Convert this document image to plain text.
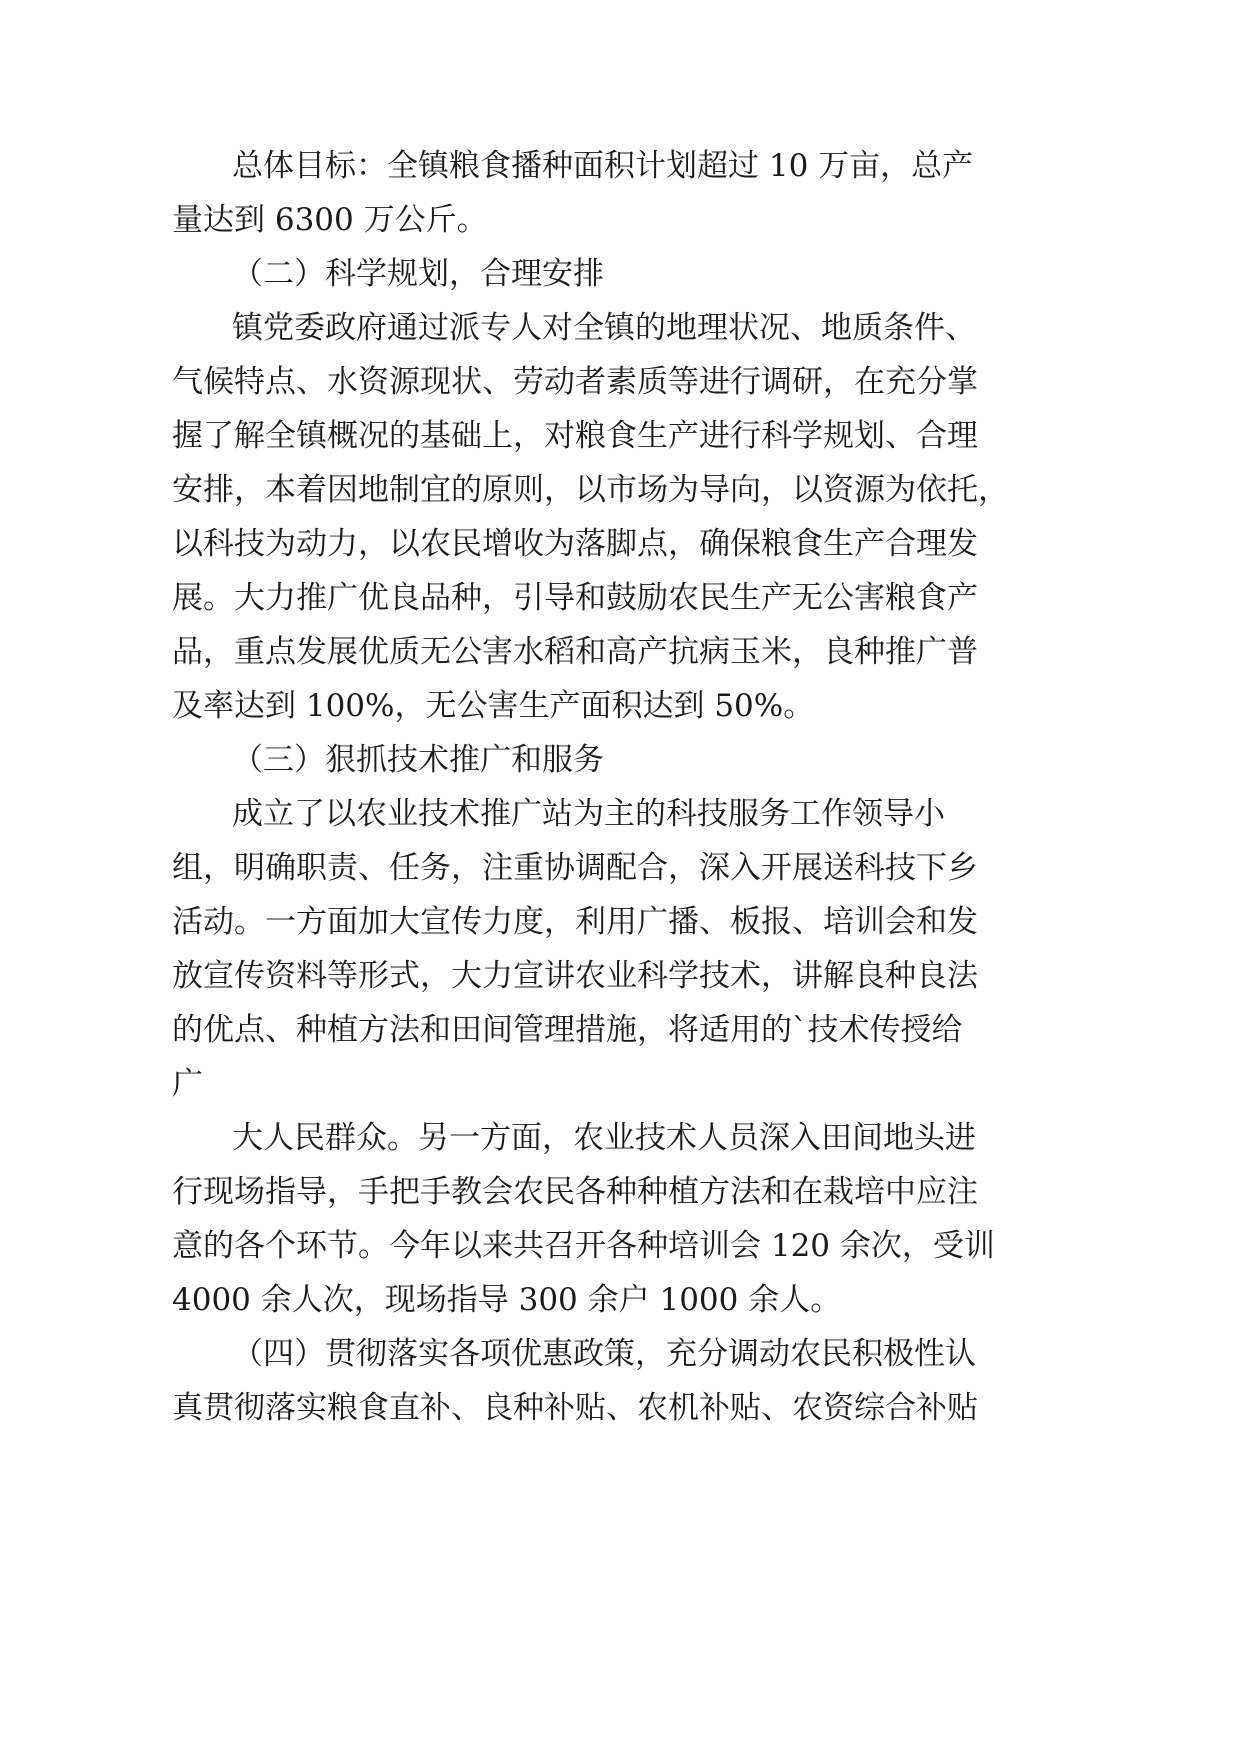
总体目标：全镇粮食播种面积计划超过 10 万亩，总产
量达到 6300 万公斤。
（二）科学规划，合理安排
镇党委政府通过派专人对全镇的地理状况、地质条件、
气候特点、水资源现状、劳动者素质等进行调研，在充分掌
握了解全镇概况的基础上，对粮食生产进行科学规划、合理
安排，本着因地制宜的原则，以市场为导向，以资源为依托，
以科技为动力，以农民增收为落脚点，确保粮食生产合理发
展。大力推广优良品种，引导和鼓励农民生产无公害粮食产
品，重点发展优质无公害水稻和高产抗病玉米，良种推广普
及率达到 100%，无公害生产面积达到 50%。
（三）狠抓技术推广和服务
成立了以农业技术推广站为主的科技服务工作领导小
组，明确职责、任务，注重协调配合，深入开展送科技下乡
活动。一方面加大宣传力度，利用广播、板报、培训会和发
放宣传资料等形式，大力宣讲农业科学技术，讲解良种良法
的优点、种植方法和田间管理措施，将适用的`技术传授给
广
大人民群众。另一方面，农业技术人员深入田间地头进
行现场指导，手把手教会农民各种种植方法和在栽培中应注
意的各个环节。今年以来共召开各种培训会 120 余次，受训
4000 余人次，现场指导 300 余户 1000 余人。
（四）贯彻落实各项优惠政策，充分调动农民积极性认
真贯彻落实粮食直补、良种补贴、农机补贴、农资综合补贴
